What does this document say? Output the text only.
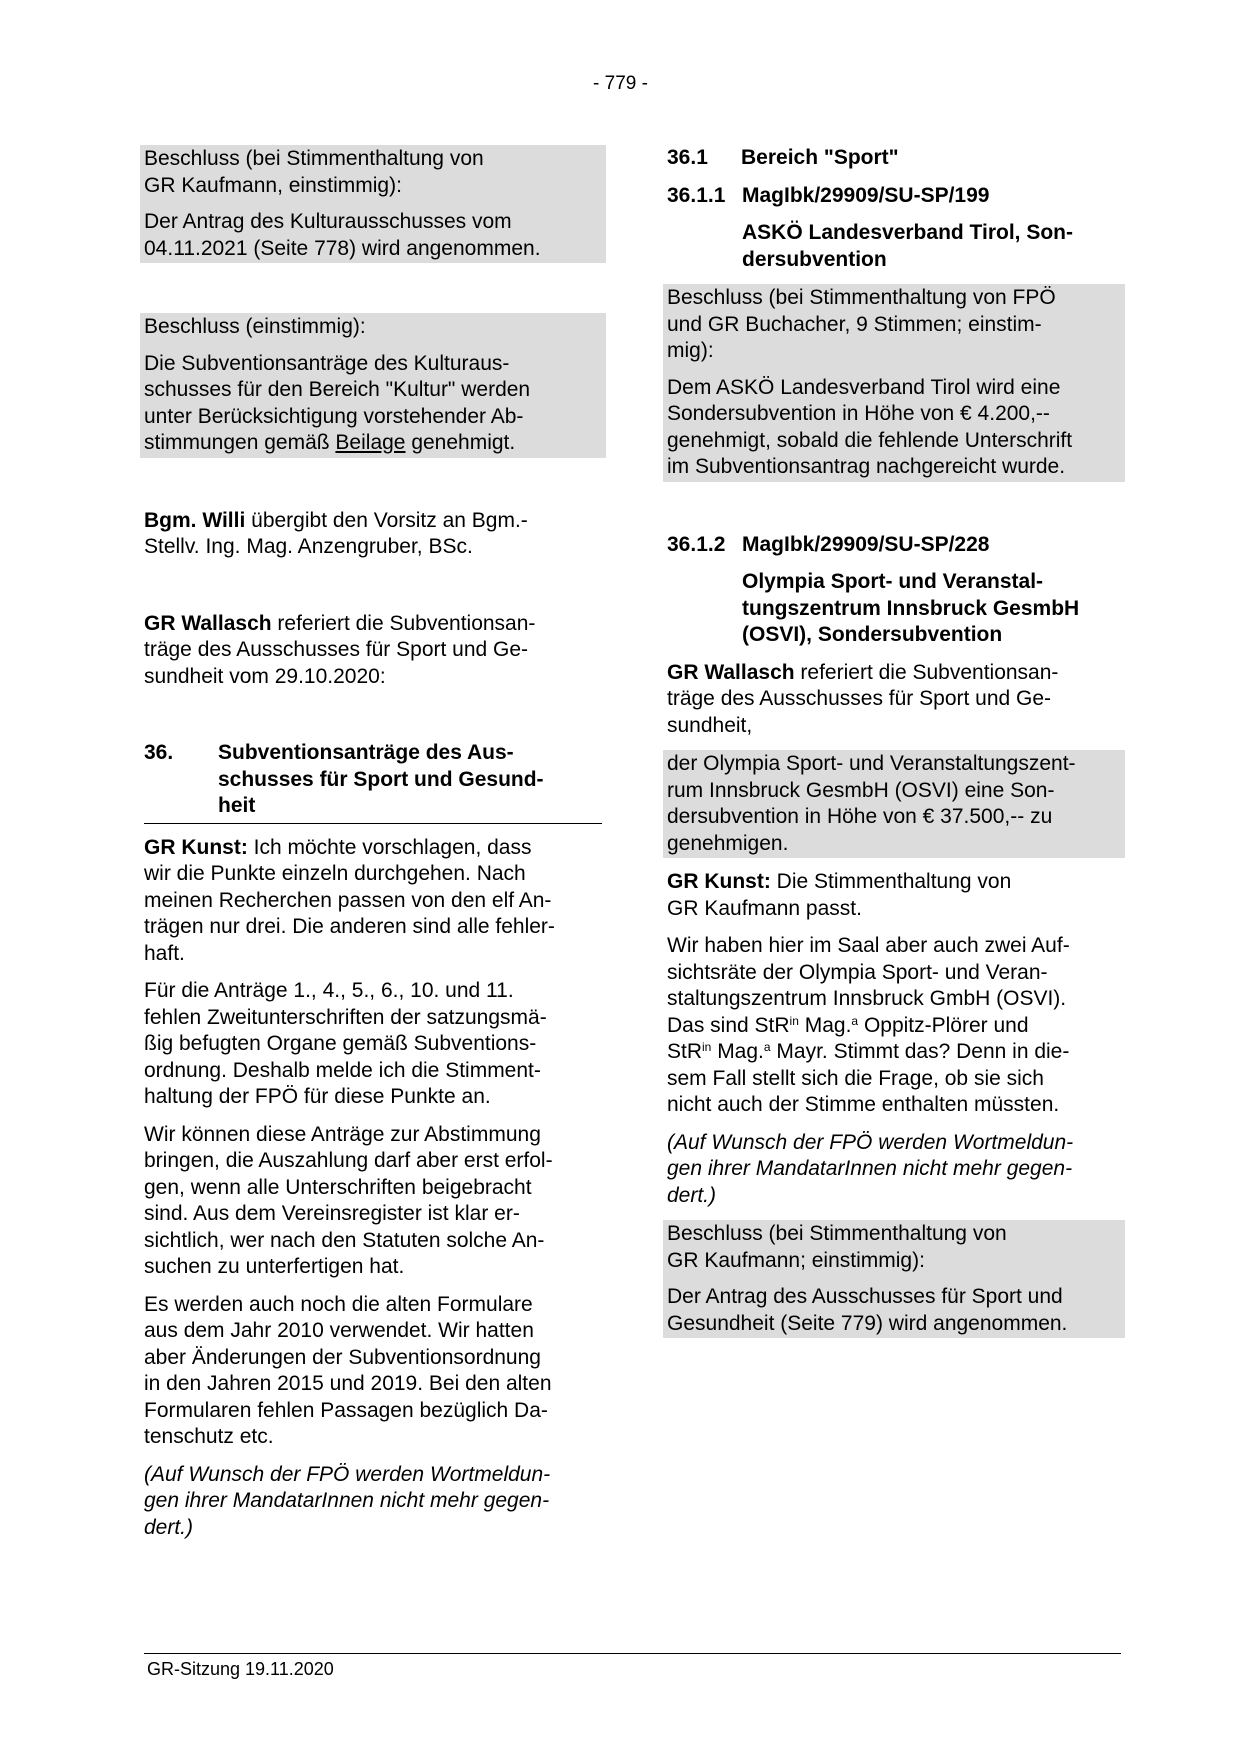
- 779 -

Beschluss (bei Stimmenthaltung von
GR Kaufmann, einstimmig):

Der Antrag des Kulturausschusses vom
04.11.2021 (Seite 778) wird angenommen.

Beschluss (einstimmig):

Die Subventionsanträge des Kulturaus-
schusses für den Bereich "Kultur" werden
unter Berücksichtigung vorstehender Ab-
stimmungen gemäß Beilage genehmigt.

Bgm. Willi übergibt den Vorsitz an Bgm.-
Stellv. Ing. Mag. Anzengruber, BSc.

GR Wallasch referiert die Subventionsan-
träge des Ausschusses für Sport und Ge-
sundheit vom 29.10.2020:

36.	Subventionsanträge des Aus-
schusses für Sport und Gesund-
heit

GR Kunst: Ich möchte vorschlagen, dass
wir die Punkte einzeln durchgehen. Nach
meinen Recherchen passen von den elf An-
trägen nur drei. Die anderen sind alle fehler-
haft.

Für die Anträge 1., 4., 5., 6., 10. und 11.
fehlen Zweitunterschriften der satzungsmä-
ßig befugten Organe gemäß Subventions-
ordnung. Deshalb melde ich die Stimment-
haltung der FPÖ für diese Punkte an.

Wir können diese Anträge zur Abstimmung
bringen, die Auszahlung darf aber erst erfol-
gen, wenn alle Unterschriften beigebracht
sind. Aus dem Vereinsregister ist klar er-
sichtlich, wer nach den Statuten solche An-
suchen zu unterfertigen hat.

Es werden auch noch die alten Formulare
aus dem Jahr 2010 verwendet. Wir hatten
aber Änderungen der Subventionsordnung
in den Jahren 2015 und 2019. Bei den alten
Formularen fehlen Passagen bezüglich Da-
tenschutz etc.

(Auf Wunsch der FPÖ werden Wortmeldun-
gen ihrer MandatarInnen nicht mehr gegen-
dert.)

36.1	Bereich "Sport"
36.1.1 MagIbk/29909/SU-SP/199

ASKÖ Landesverband Tirol, Son-
dersubvention

Beschluss (bei Stimmenthaltung von FPÖ
und GR Buchacher, 9 Stimmen; einstim-
mig):

Dem ASKÖ Landesverband Tirol wird eine
Sondersubvention in Höhe von € 4.200,--
genehmigt, sobald die fehlende Unterschrift
im Subventionsantrag nachgereicht wurde.

36.1.2 MagIbk/29909/SU-SP/228

Olympia Sport- und Veranstal-
tungszentrum Innsbruck GesmbH
(OSVI), Sondersubvention

GR Wallasch referiert die Subventionsan-
träge des Ausschusses für Sport und Ge-
sundheit,

der Olympia Sport- und Veranstaltungszent-
rum Innsbruck GesmbH (OSVI) eine Son-
dersubvention in Höhe von € 37.500,-- zu
genehmigen.

GR Kunst: Die Stimmenthaltung von
GR Kaufmann passt.

Wir haben hier im Saal aber auch zwei Auf-
sichtsräte der Olympia Sport- und Veran-
staltungszentrum Innsbruck GmbH (OSVI).
Das sind StR$^{in}$ Mag.$^a$ Oppitz-Plörer und
StR$^{in}$ Mag.$^a$ Mayr. Stimmt das? Denn in die-
sem Fall stellt sich die Frage, ob sie sich
nicht auch der Stimme enthalten müssten.

(Auf Wunsch der FPÖ werden Wortmeldun-
gen ihrer MandatarInnen nicht mehr gegen-
dert.)

Beschluss (bei Stimmenthaltung von
GR Kaufmann; einstimmig):

Der Antrag des Ausschusses für Sport und
Gesundheit (Seite 779) wird angenommen.

GR-Sitzung 19.11.2020
